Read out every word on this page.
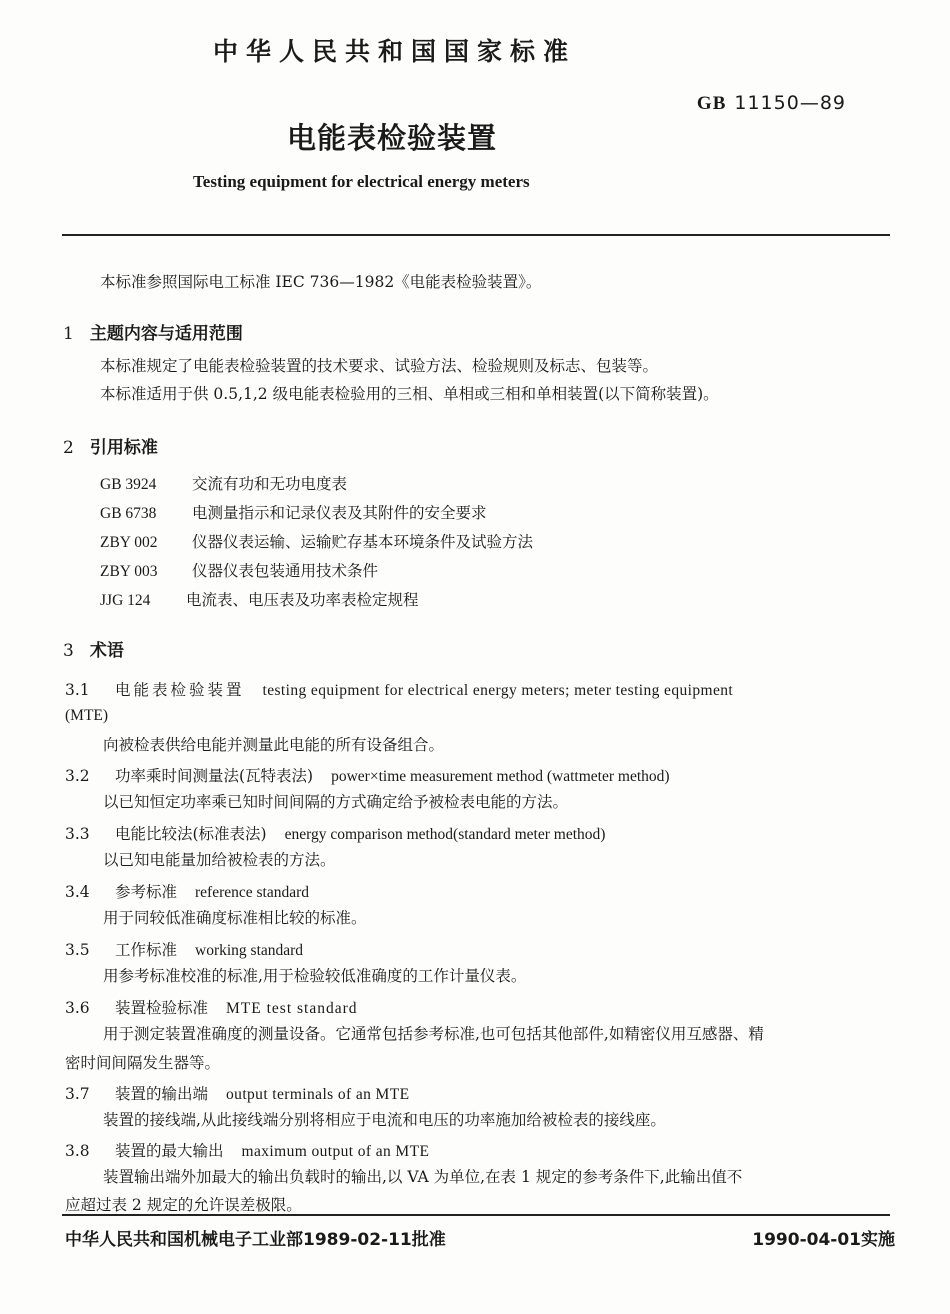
中华人民共和国国家标准
GB 11150—89
电能表检验装置
Testing equipment for electrical energy meters
本标准参照国际电工标准 IEC 736—1982《电能表检验装置》。
1 主题内容与适用范围
本标准规定了电能表检验装置的技术要求、试验方法、检验规则及标志、包装等。
本标准适用于供 0.5,1,2 级电能表检验用的三相、单相或三相和单相装置(以下简称装置)。
2 引用标准
GB 3924 交流有功和无功电度表
GB 6738 电测量指示和记录仪表及其附件的安全要求
ZBY 002 仪器仪表运输、运输贮存基本环境条件及试验方法
ZBY 003 仪器仪表包装通用技术条件
JJG 124 电流表、电压表及功率表检定规程
3 术语
3.1 电能表检验装置 testing equipment for electrical energy meters; meter testing equipment
(MTE)
向被检表供给电能并测量此电能的所有设备组合。
3.2 功率乘时间测量法(瓦特表法) power×time measurement method (wattmeter method)
以已知恒定功率乘已知时间间隔的方式确定给予被检表电能的方法。
3.3 电能比较法(标准表法) energy comparison method(standard meter method)
以已知电能量加给被检表的方法。
3.4 参考标准 reference standard
用于同较低准确度标准相比较的标准。
3.5 工作标准 working standard
用参考标准校准的标准,用于检验较低准确度的工作计量仪表。
3.6 装置检验标准 MTE test standard
用于测定装置准确度的测量设备。它通常包括参考标准,也可包括其他部件,如精密仪用互感器、精
密时间间隔发生器等。
3.7 装置的输出端 output terminals of an MTE
装置的接线端,从此接线端分别将相应于电流和电压的功率施加给被检表的接线座。
3.8 装置的最大输出 maximum output of an MTE
装置输出端外加最大的输出负载时的输出,以 VA 为单位,在表 1 规定的参考条件下,此输出值不
应超过表 2 规定的允许误差极限。
中华人民共和国机械电子工业部1989-02-11批准	1990-04-01实施
